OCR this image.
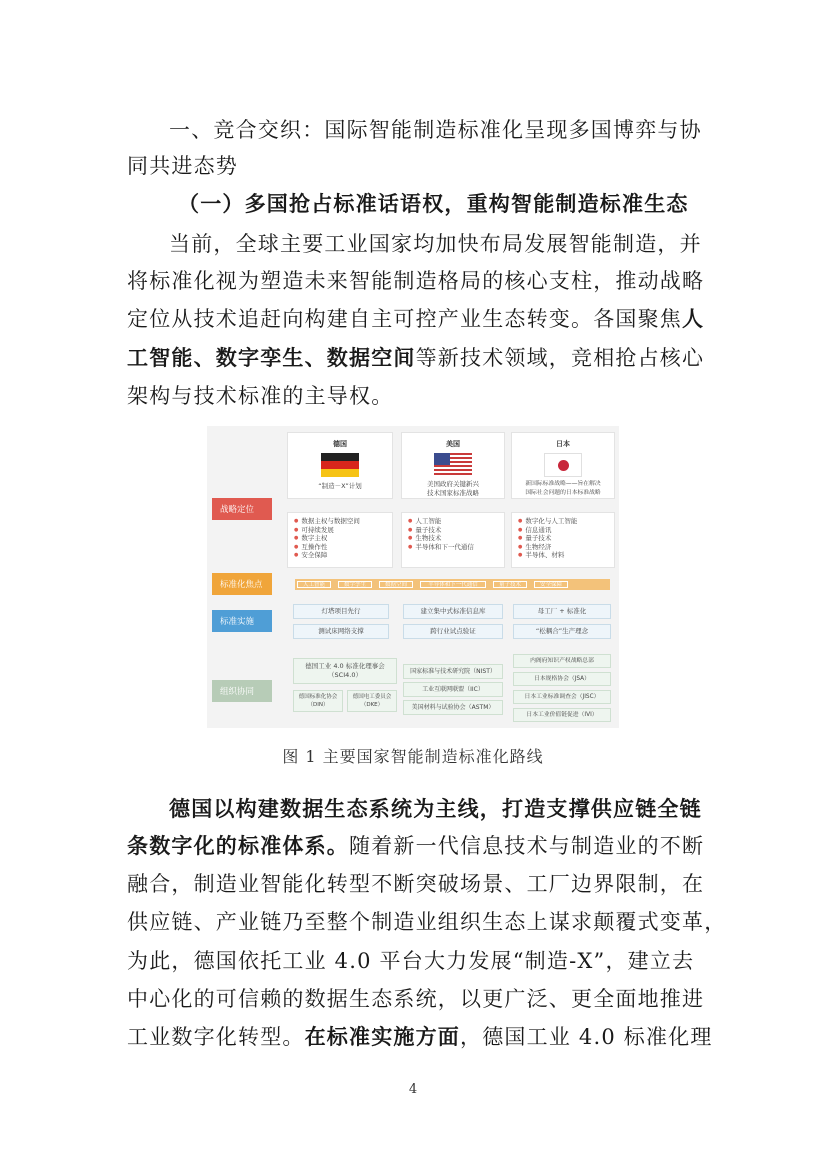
一、竞合交织：国际智能制造标准化呈现多国博弈与协
同共进态势
（一）多国抢占标准话语权，重构智能制造标准生态
当前，全球主要工业国家均加快布局发展智能制造，并
将标准化视为塑造未来智能制造格局的核心支柱，推动战略
定位从技术追赶向构建自主可控产业生态转变。各国聚焦人
工智能、数字孪生、数据空间等新技术领域，竞相抢占核心
架构与技术标准的主导权。
德国
“制造－X”计划
美国
美国政府关键新兴
技术国家标准战略
日本
新国际标准战略——旨在解决
国际社会问题的日本标准战略
战略定位
● 数据主权与数据空间
● 可持续发展
● 数字主权
● 互操作性
● 安全保障
● 人工智能
● 量子技术
● 生物技术
● 半导体和下一代通信
● 数字化与人工智能
● 信息通讯
● 量子技术
● 生物经济
● 半导体、材料
标准化焦点	人工智能	数字孪生	数据空间	半导体和下一代通信	量子技术	安全保障
标准实施
灯塔项目先行
测试床网络支撑
建立集中式标准信息库
跨行业试点验证
母工厂 + 标准化
“松耦合”生产理念
组织协同
德国工业 4.0 标准化理事会
（SCI4.0）
德国标准化协会
（DIN）
德国电工委员会
（DKE）
国家标准与技术研究院（NIST）
工业互联网联盟（IIC）
美国材料与试验协会（ASTM）
内阁府知识产权战略总部
日本规格协会（JSA）
日本工业标准调查会（JISC）
日本工业价值链促进（IVI）
图 1 主要国家智能制造标准化路线
德国以构建数据生态系统为主线，打造支撑供应链全链
条数字化的标准体系。随着新一代信息技术与制造业的不断
融合，制造业智能化转型不断突破场景、工厂边界限制，在
供应链、产业链乃至整个制造业组织生态上谋求颠覆式变革，
为此，德国依托工业 4.0 平台大力发展“制造-X”，建立去
中心化的可信赖的数据生态系统，以更广泛、更全面地推进
工业数字化转型。在标准实施方面，德国工业 4.0 标准化理
4
